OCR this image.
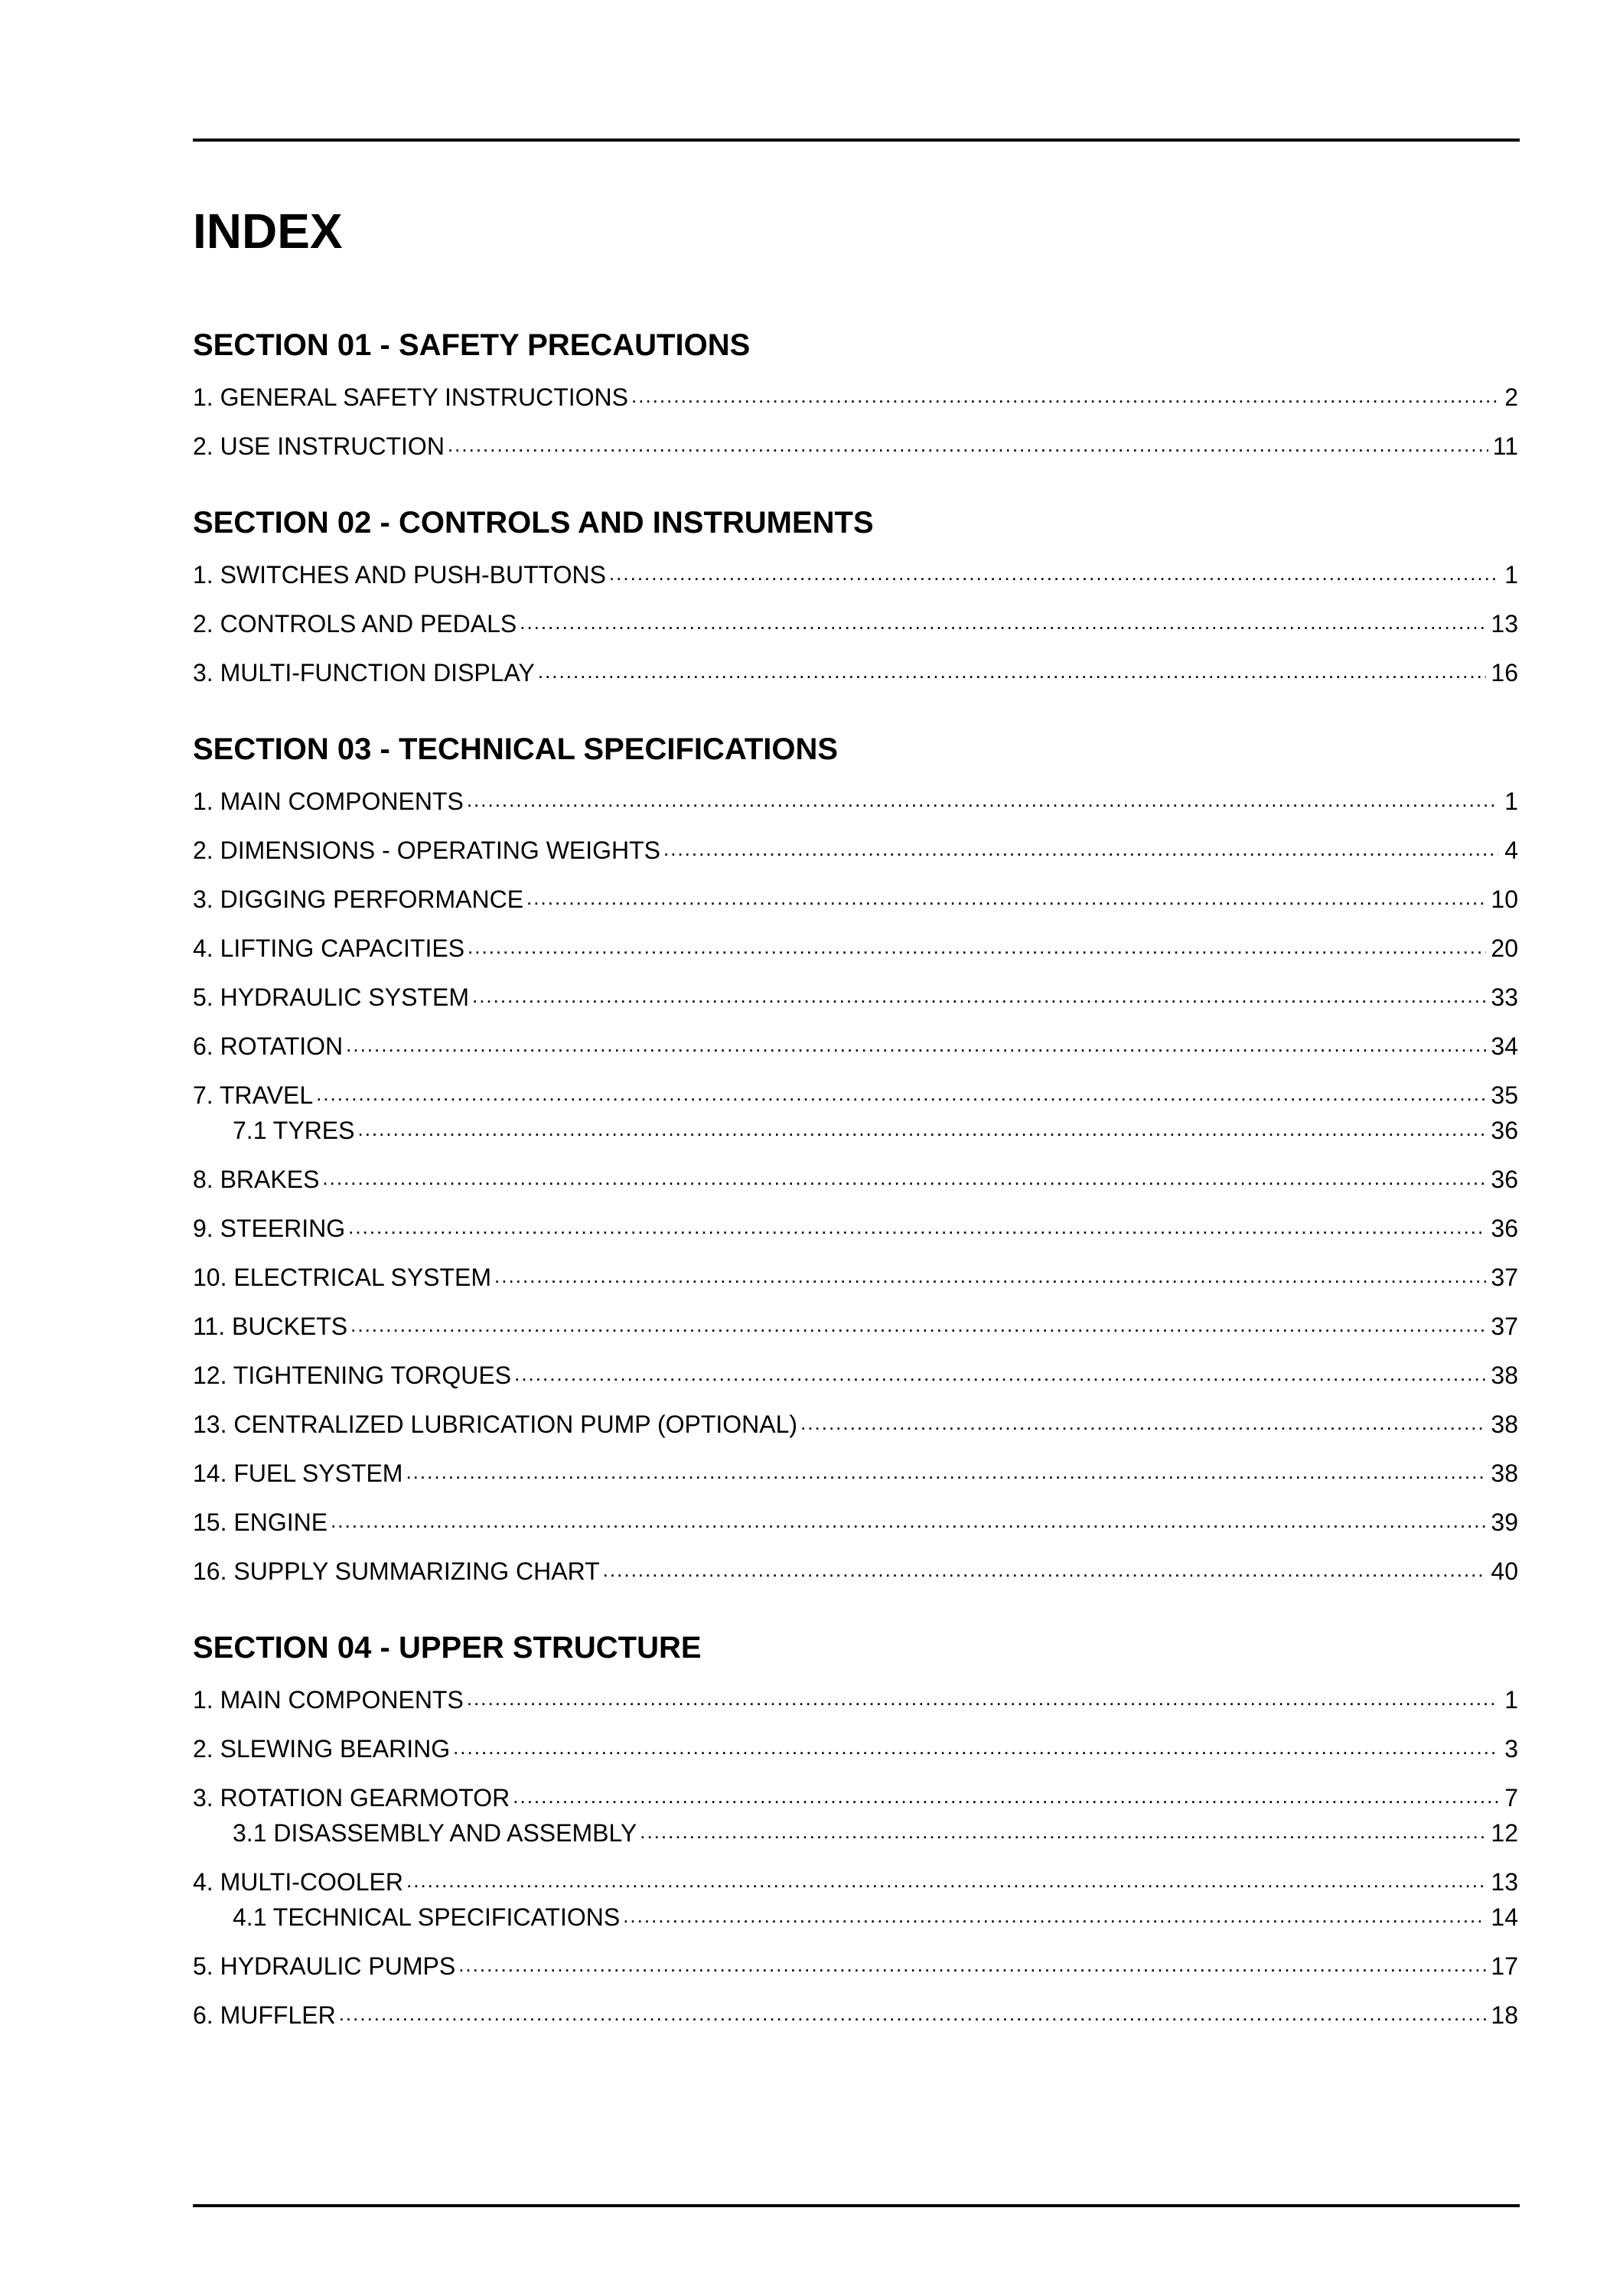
INDEX
SECTION 01 - SAFETY PRECAUTIONS
1. GENERAL SAFETY INSTRUCTIONS .....	2
2. USE INSTRUCTION .....	11
SECTION 02 - CONTROLS AND INSTRUMENTS
1. SWITCHES AND PUSH-BUTTONS .....	1
2. CONTROLS AND PEDALS .....	13
3. MULTI-FUNCTION DISPLAY .....	16
SECTION 03 - TECHNICAL SPECIFICATIONS
1. MAIN COMPONENTS .....	1
2. DIMENSIONS - OPERATING WEIGHTS .....	4
3. DIGGING PERFORMANCE .....	10
4. LIFTING CAPACITIES .....	20
5. HYDRAULIC SYSTEM .....	33
6. ROTATION .....	34
7. TRAVEL .....	35
7.1 TYRES .....	36
8. BRAKES .....	36
9. STEERING .....	36
10. ELECTRICAL SYSTEM .....	37
11. BUCKETS .....	37
12. TIGHTENING TORQUES .....	38
13. CENTRALIZED LUBRICATION PUMP (OPTIONAL) .....	38
14. FUEL SYSTEM .....	38
15. ENGINE .....	39
16. SUPPLY SUMMARIZING CHART .....	40
SECTION 04 - UPPER STRUCTURE
1. MAIN COMPONENTS .....	1
2. SLEWING BEARING .....	3
3. ROTATION GEARMOTOR .....	7
3.1 DISASSEMBLY AND ASSEMBLY .....	12
4. MULTI-COOLER .....	13
4.1 TECHNICAL SPECIFICATIONS .....	14
5. HYDRAULIC PUMPS .....	17
6. MUFFLER .....	18
